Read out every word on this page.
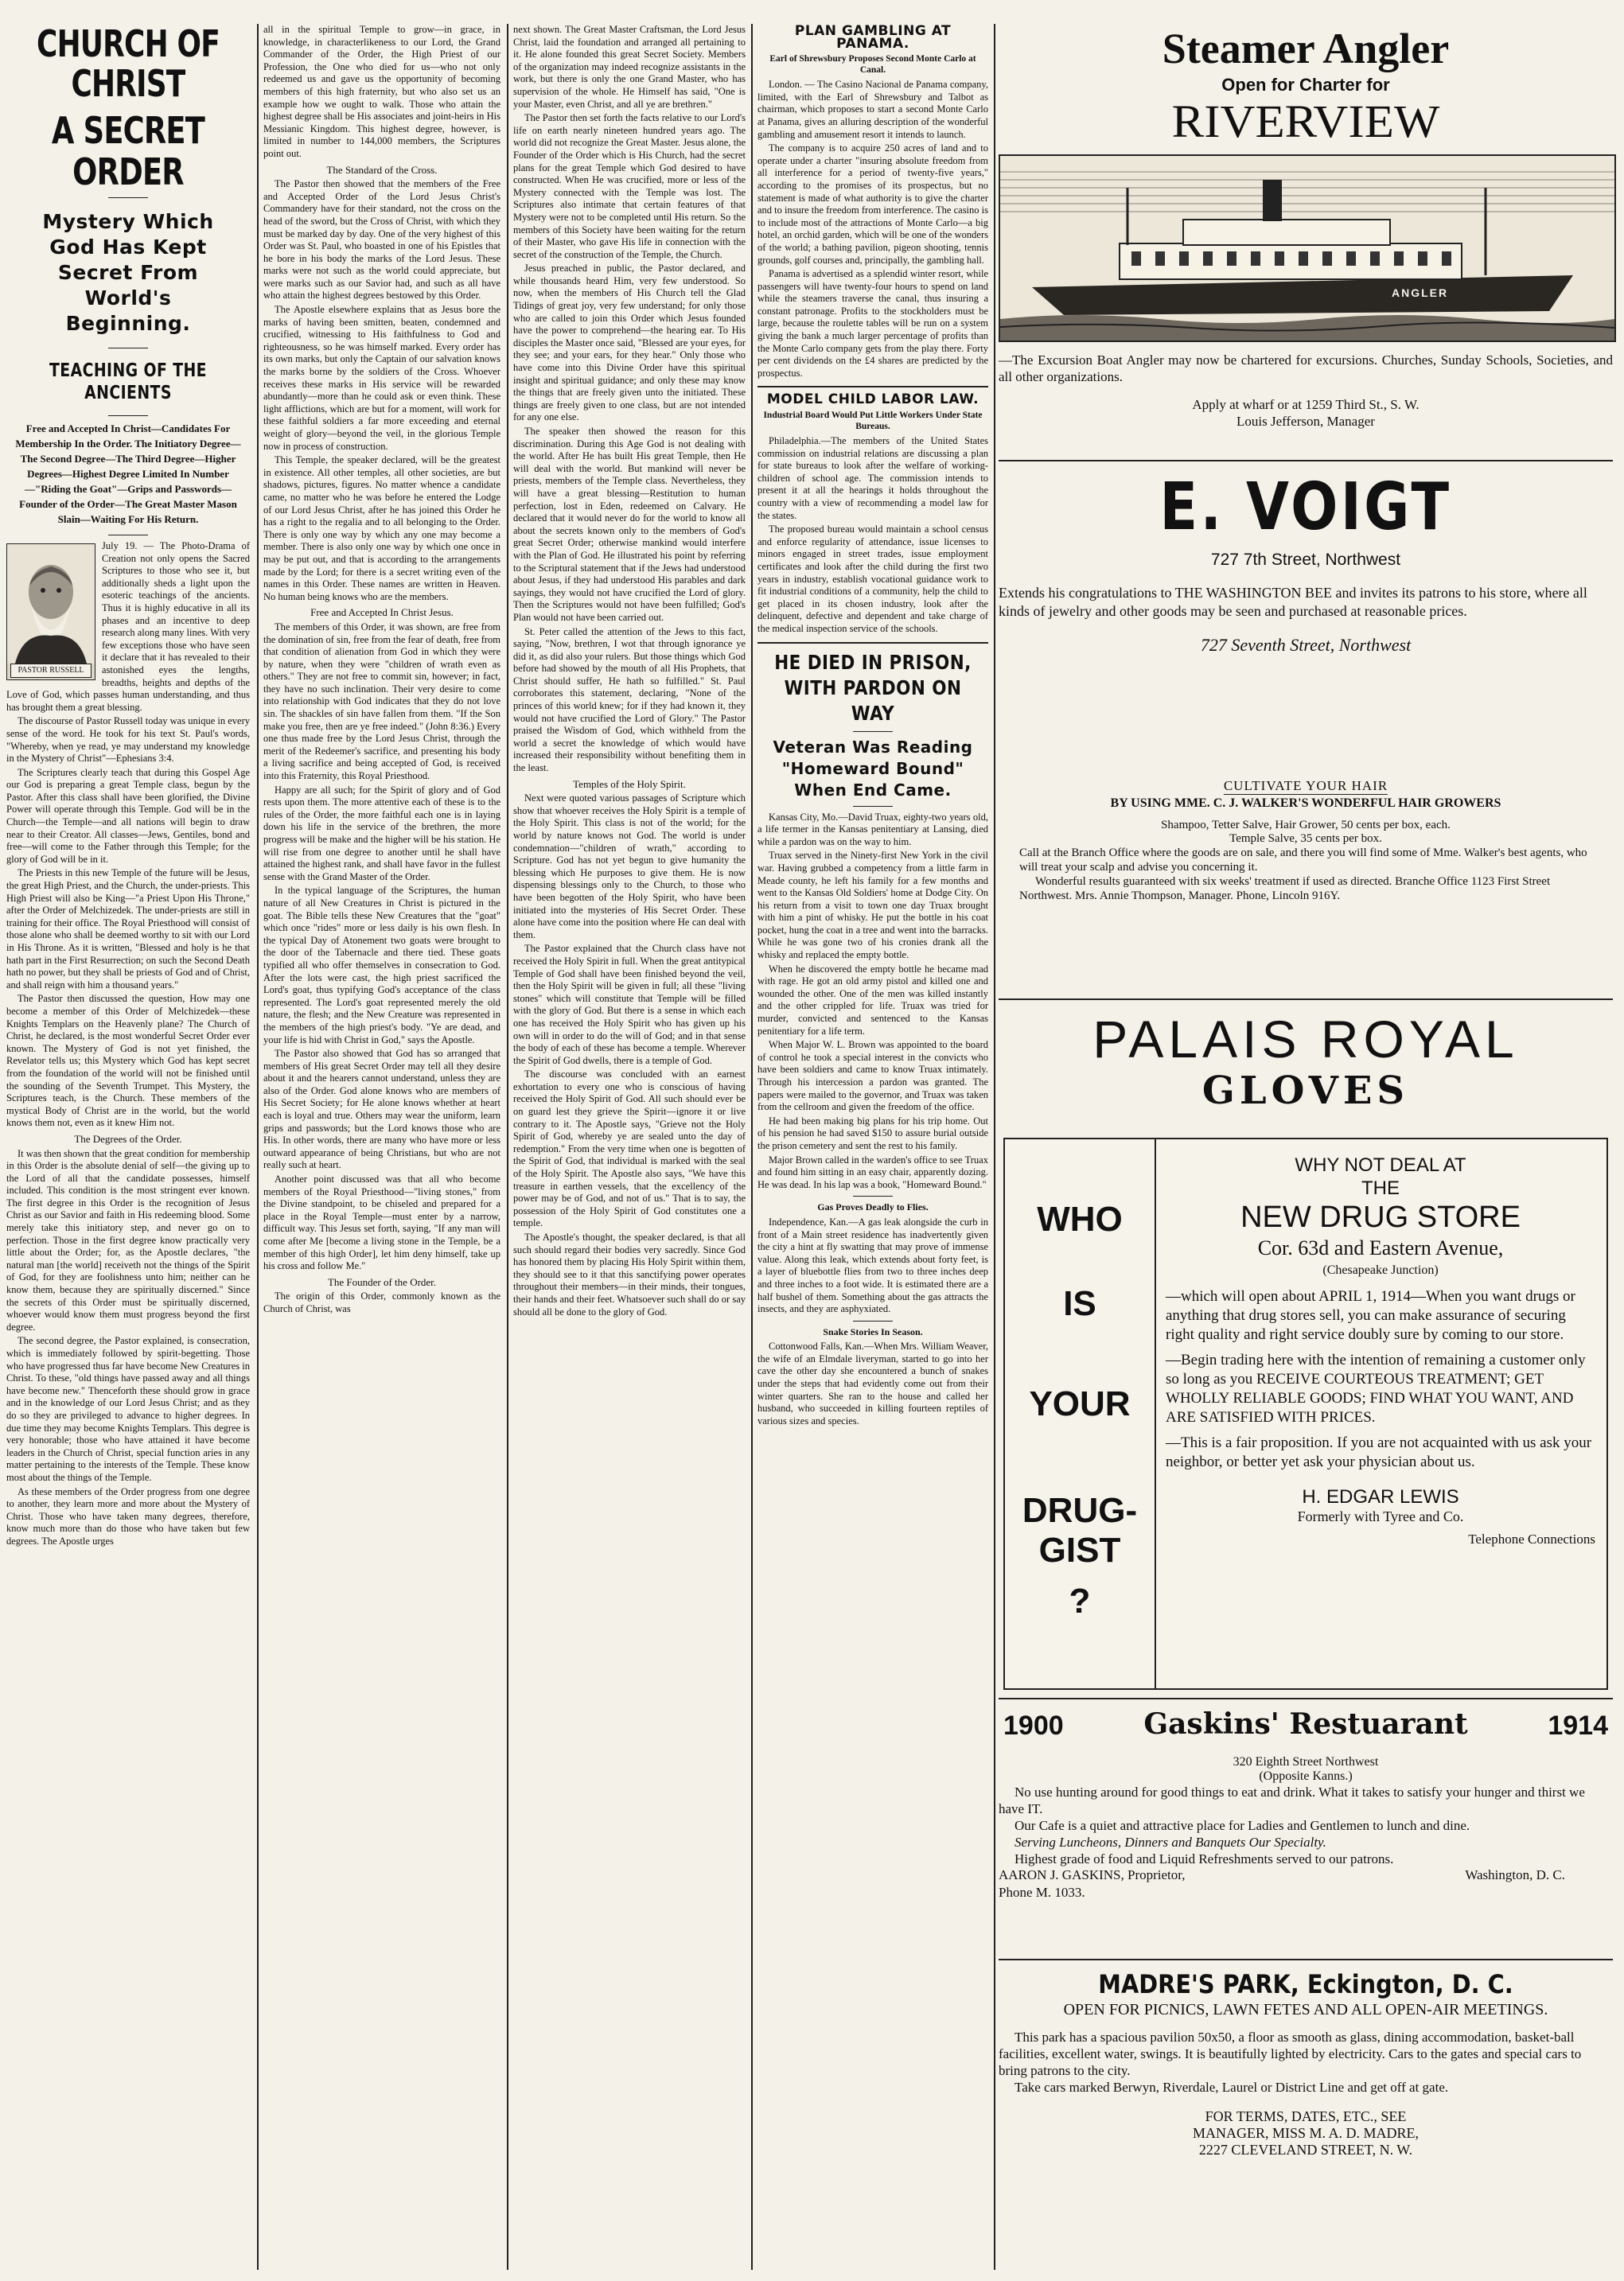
CHURCH OF CHRIST
A SECRET ORDER
Mystery Which God Has Kept Secret From World's Beginning.
TEACHING OF THE ANCIENTS
Free and Accepted In Christ—Candidates For Membership In the Order. The Initiatory Degree—The Second Degree—The Third Degree—Higher Degrees—Highest Degree Limited In Number—"Riding the Goat"—Grips and Passwords—Founder of the Order—The Great Master Mason Slain—Waiting For His Return.
PASTOR RUSSELL

July 19. — The Photo-Drama of Creation not only opens the Sacred Scriptures to those who see it, but additionally sheds a light upon the esoteric teachings of the ancients. Thus it is highly educative in all its phases and an incentive to deep research along many lines. With very few exceptions those who have seen it declare that it has revealed to their astonished eyes the lengths, breadths, heights and depths of the Love of God, which passes human understanding, and thus has brought them a great blessing.

The discourse of Pastor Russell today was unique in every sense of the word. He took for his text St. Paul's words, "Whereby, when ye read, ye may understand my knowledge in the Mystery of Christ"—Ephesians 3:4.

The Scriptures clearly teach that during this Gospel Age our God is preparing a great Temple class, begun by the Pastor. After this class shall have been glorified, the Divine Power will operate through this Temple. God will be in the Church—the Temple—and all nations will begin to draw near to their Creator. All classes—Jews, Gentiles, bond and free—will come to the Father through this Temple; for the glory of God will be in it.

The Priests in this new Temple of the future will be Jesus, the great High Priest, and the Church, the under-priests. This High Priest will also be King—"a Priest Upon His Throne," after the Order of Melchizedek. The under-priests are still in training for their office. The Royal Priesthood will consist of those alone who shall be deemed worthy to sit with our Lord in His Throne. As it is written, "Blessed and holy is he that hath part in the First Resurrection; on such the Second Death hath no power, but they shall be priests of God and of Christ, and shall reign with him a thousand years."

The Pastor then discussed the question, How may one become a member of this Order of Melchizedek—these Knights Templars on the Heavenly plane? The Church of Christ, he declared, is the most wonderful Secret Order ever known. The Mystery of God is not yet finished, the Revelator tells us; this Mystery which God has kept secret from the foundation of the world will not be finished until the sounding of the Seventh Trumpet. This Mystery, the Scriptures teach, is the Church. These members of the mystical Body of Christ are in the world, but the world knows them not, even as it knew Him not.

The Degrees of the Order.

It was then shown that the great condition for membership in this Order is the absolute denial of self—the giving up to the Lord of all that the candidate possesses, himself included. This condition is the most stringent ever known. The first degree in this Order is the recognition of Jesus Christ as our Savior and faith in His redeeming blood. Some merely take this initiatory step, and never go on to perfection. Those in the first degree know practically very little about the Order; for, as the Apostle declares, "the natural man [the world] receiveth not the things of the Spirit of God, for they are foolishness unto him; neither can he know them, because they are spiritually discerned." Since the secrets of this Order must be spiritually discerned, whoever would know them must progress beyond the first degree.

The second degree, the Pastor explained, is consecration, which is immediately followed by spirit-begetting. Those who have progressed thus far have become New Creatures in Christ. To these, "old things have passed away and all things have become new." Thenceforth these should grow in grace and in the knowledge of our Lord Jesus Christ; and as they do so they are privileged to advance to higher degrees. In due time they may become Knights Templars. This degree is very honorable; those who have attained it have become leaders in the Church of Christ, special function aries in any matter pertaining to the interests of the Temple. These know most about the things of the Temple.

As these members of the Order progress from one degree to another, they learn more and more about the Mystery of Christ. Those who have taken many degrees, therefore, know much more than do those who have taken but few degrees. The Apostle urges

all in the spiritual Temple to grow—in grace, in knowledge, in characterlikeness to our Lord, the Grand Commander of the Order, the High Priest of our Profession, the One who died for us—who not only redeemed us and gave us the opportunity of becoming members of this high fraternity, but who also set us an example how we ought to walk. Those who attain the highest degree shall be His associates and joint-heirs in His Messianic Kingdom. This highest degree, however, is limited in number to 144,000 members, the Scriptures point out.

The Standard of the Cross.

The Pastor then showed that the members of the Free and Accepted Order of the Lord Jesus Christ's Commandery have for their standard, not the cross on the head of the sword, but the Cross of Christ, with which they must be marked day by day. One of the very highest of this Order was St. Paul, who boasted in one of his Epistles that he bore in his body the marks of the Lord Jesus. These marks were not such as the world could appreciate, but were marks such as our Savior had, and such as all have who attain the highest degrees bestowed by this Order.

The Apostle elsewhere explains that as Jesus bore the marks of having been smitten, beaten, condemned and crucified, witnessing to His faithfulness to God and righteousness, so he was himself marked. Every order has its own marks, but only the Captain of our salvation knows the marks borne by the soldiers of the Cross. Whoever receives these marks in His service will be rewarded abundantly—more than he could ask or even think. These light afflictions, which are but for a moment, will work for these faithful soldiers a far more exceeding and eternal weight of glory—beyond the veil, in the glorious Temple now in process of construction.

This Temple, the speaker declared, will be the greatest in existence. All other temples, all other societies, are but shadows, pictures, figures. No matter whence a candidate came, no matter who he was before he entered the Lodge of our Lord Jesus Christ, after he has joined this Order he has a right to the regalia and to all belonging to the Order. There is only one way by which any one may become a member. There is also only one way by which one once in may be put out, and that is according to the arrangements made by the Lord; for there is a secret writing even of the names in this Order. These names are written in Heaven. No human being knows who are the members.

Free and Accepted In Christ Jesus.

The members of this Order, it was shown, are free from the domination of sin, free from the fear of death, free from that condition of alienation from God in which they were by nature, when they were "children of wrath even as others." They are not free to commit sin, however; in fact, they have no such inclination. Their very desire to come into relationship with God indicates that they do not love sin. The shackles of sin have fallen from them. "If the Son make you free, then are ye free indeed." (John 8:36.) Every one thus made free by the Lord Jesus Christ, through the merit of the Redeemer's sacrifice, and presenting his body a living sacrifice and being accepted of God, is received into this Fraternity, this Royal Priesthood.

Happy are all such; for the Spirit of glory and of God rests upon them. The more attentive each of these is to the rules of the Order, the more faithful each one is in laying down his life in the service of the brethren, the more progress will be make and the higher will be his station. He will rise from one degree to another until he shall have attained the highest rank, and shall have favor in the fullest sense with the Grand Master of the Order.

In the typical language of the Scriptures, the human nature of all New Creatures in Christ is pictured in the goat. The Bible tells these New Creatures that the "goat" which once "rides" more or less daily is his own flesh. In the typical Day of Atonement two goats were brought to the door of the Tabernacle and there tied. These goats typified all who offer themselves in consecration to God. After the lots were cast, the high priest sacrificed the Lord's goat, thus typifying God's acceptance of the class represented. The Lord's goat represented merely the old nature, the flesh; and the New Creature was represented in the members of the high priest's body. "Ye are dead, and your life is hid with Christ in God," says the Apostle.

The Pastor also showed that God has so arranged that members of His great Secret Order may tell all they desire about it and the hearers cannot understand, unless they are also of the Order. God alone knows who are members of His Secret Society; for He alone knows whether at heart each is loyal and true. Others may wear the uniform, learn grips and passwords; but the Lord knows those who are His. In other words, there are many who have more or less outward appearance of being Christians, but who are not really such at heart.

Another point discussed was that all who become members of the Royal Priesthood—"living stones," from the Divine standpoint, to be chiseled and prepared for a place in the Royal Temple—must enter by a narrow, difficult way. This Jesus set forth, saying, "If any man will come after Me [become a living stone in the Temple, be a member of this high Order], let him deny himself, take up his cross and follow Me."

The Founder of the Order.

The origin of this Order, commonly known as the Church of Christ, was

next shown. The Great Master Craftsman, the Lord Jesus Christ, laid the foundation and arranged all pertaining to it. He alone founded this great Secret Society. Members of the organization may indeed recognize assistants in the work, but there is only the one Grand Master, who has supervision of the whole. He Himself has said, "One is your Master, even Christ, and all ye are brethren."

The Pastor then set forth the facts relative to our Lord's life on earth nearly nineteen hundred years ago. The world did not recognize the Great Master. Jesus alone, the Founder of the Order which is His Church, had the secret plans for the great Temple which God desired to have constructed. When He was crucified, more or less of the Mystery connected with the Temple was lost. The Scriptures also intimate that certain features of that Mystery were not to be completed until His return. So the members of this Society have been waiting for the return of their Master, who gave His life in connection with the secret of the construction of the Temple, the Church.

Jesus preached in public, the Pastor declared, and while thousands heard Him, very few understood. So now, when the members of His Church tell the Glad Tidings of great joy, very few understand; for only those who are called to join this Order which Jesus founded have the power to comprehend—the hearing ear. To His disciples the Master once said, "Blessed are your eyes, for they see; and your ears, for they hear." Only those who have come into this Divine Order have this spiritual insight and spiritual guidance; and only these may know the things that are freely given unto the initiated. These things are freely given to one class, but are not intended for any one else.

The speaker then showed the reason for this discrimination. During this Age God is not dealing with the world. After He has built His great Temple, then He will deal with the world. But mankind will never be priests, members of the Temple class. Nevertheless, they will have a great blessing—Restitution to human perfection, lost in Eden, redeemed on Calvary. He declared that it would never do for the world to know all about the secrets known only to the members of God's great Secret Order; otherwise mankind would interfere with the Plan of God. He illustrated his point by referring to the Scriptural statement that if the Jews had understood about Jesus, if they had understood His parables and dark sayings, they would not have crucified the Lord of glory. Then the Scriptures would not have been fulfilled; God's Plan would not have been carried out.

St. Peter called the attention of the Jews to this fact, saying, "Now, brethren, I wot that through ignorance ye did it, as did also your rulers. But those things which God before had showed by the mouth of all His Prophets, that Christ should suffer, He hath so fulfilled." St. Paul corroborates this statement, declaring, "None of the princes of this world knew; for if they had known it, they would not have crucified the Lord of Glory." The Pastor praised the Wisdom of God, which withheld from the world a secret the knowledge of which would have increased their responsibility without benefiting them in the least.

Temples of the Holy Spirit.

Next were quoted various passages of Scripture which show that whoever receives the Holy Spirit is a temple of the Holy Spirit. This class is not of the world; for the world by nature knows not God. The world is under condemnation—"children of wrath," according to Scripture. God has not yet begun to give humanity the blessing which He purposes to give them. He is now dispensing blessings only to the Church, to those who have been begotten of the Holy Spirit, who have been initiated into the mysteries of His Secret Order. These alone have come into the position where He can deal with them.

The Pastor explained that the Church class have not received the Holy Spirit in full. When the great antitypical Temple of God shall have been finished beyond the veil, then the Holy Spirit will be given in full; all these "living stones" which will constitute that Temple will be filled with the glory of God. But there is a sense in which each one has received the Holy Spirit who has given up his own will in order to do the will of God; and in that sense the body of each of these has become a temple. Wherever the Spirit of God dwells, there is a temple of God.

The discourse was concluded with an earnest exhortation to every one who is conscious of having received the Holy Spirit of God. All such should ever be on guard lest they grieve the Spirit—ignore it or live contrary to it. The Apostle says, "Grieve not the Holy Spirit of God, whereby ye are sealed unto the day of redemption." From the very time when one is begotten of the Spirit of God, that individual is marked with the seal of the Holy Spirit. The Apostle also says, "We have this treasure in earthen vessels, that the excellency of the power may be of God, and not of us." That is to say, the possession of the Holy Spirit of God constitutes one a temple.

The Apostle's thought, the speaker declared, is that all such should regard their bodies very sacredly. Since God has honored them by placing His Holy Spirit within them, they should see to it that this sanctifying power operates throughout their members—in their minds, their tongues, their hands and their feet. Whatsoever such shall do or say should all be done to the glory of God.

PLAN GAMBLING AT PANAMA.
Earl of Shrewsbury Proposes Second Monte Carlo at Canal.

London. — The Casino Nacional de Panama company, limited, with the Earl of Shrewsbury and Talbot as chairman, which proposes to start a second Monte Carlo at Panama, gives an alluring description of the wonderful gambling and amusement resort it intends to launch.

The company is to acquire 250 acres of land and to operate under a charter "insuring absolute freedom from all interference for a period of twenty-five years," according to the promises of its prospectus, but no statement is made of what authority is to give the charter and to insure the freedom from interference. The casino is to include most of the attractions of Monte Carlo—a big hotel, an orchid garden, which will be one of the wonders of the world; a bathing pavilion, pigeon shooting, tennis grounds, golf courses and, principally, the gambling hall.

Panama is advertised as a splendid winter resort, while passengers will have twenty-four hours to spend on land while the steamers traverse the canal, thus insuring a constant patronage. Profits to the stockholders must be large, because the roulette tables will be run on a system giving the bank a much larger percentage of profits than the Monte Carlo company gets from the play there. Forty per cent dividends on the £4 shares are predicted by the prospectus.

MODEL CHILD LABOR LAW.
Industrial Board Would Put Little Workers Under State Bureaus.

Philadelphia.—The members of the United States commission on industrial relations are discussing a plan for state bureaus to look after the welfare of working-children of school age. The commission intends to present it at all the hearings it holds throughout the country with a view of recommending a model law for the states.

The proposed bureau would maintain a school census and enforce regularity of attendance, issue licenses to minors engaged in street trades, issue employment certificates and look after the child during the first two years in industry, establish vocational guidance work to fit industrial conditions of a community, help the child to get placed in its chosen industry, look after the delinquent, defective and dependent and take charge of the medical inspection service of the schools.

HE DIED IN PRISON,
WITH PARDON ON WAY
Veteran Was Reading "Homeward Bound" When End Came.

Kansas City, Mo.—David Truax, eighty-two years old, a life termer in the Kansas penitentiary at Lansing, died while a pardon was on the way to him.

Truax served in the Ninety-first New York in the civil war. Having grubbed a competency from a little farm in Meade county, he left his family for a few months and went to the Kansas Old Soldiers' home at Dodge City. On his return from a visit to town one day Truax brought with him a pint of whisky. He put the bottle in his coat pocket, hung the coat in a tree and went into the barracks. While he was gone two of his cronies drank all the whisky and replaced the empty bottle.

When he discovered the empty bottle he became mad with rage. He got an old army pistol and killed one and wounded the other. One of the men was killed instantly and the other crippled for life. Truax was tried for murder, convicted and sentenced to the Kansas penitentiary for a life term.

When Major W. L. Brown was appointed to the board of control he took a special interest in the convicts who have been soldiers and came to know Truax intimately. Through his intercession a pardon was granted. The papers were mailed to the governor, and Truax was taken from the cellroom and given the freedom of the office.

He had been making big plans for his trip home. Out of his pension he had saved $150 to assure burial outside the prison cemetery and sent the rest to his family.

Major Brown called in the warden's office to see Truax and found him sitting in an easy chair, apparently dozing. He was dead. In his lap was a book, "Homeward Bound."

Gas Proves Deadly to Flies.

Independence, Kan.—A gas leak alongside the curb in front of a Main street residence has inadvertently given the city a hint at fly swatting that may prove of immense value. Along this leak, which extends about forty feet, is a layer of bluebottle flies from two to three inches deep and three inches to a foot wide. It is estimated there are a half bushel of them. Something about the gas attracts the insects, and they are asphyxiated.

Snake Stories In Season.

Cottonwood Falls, Kan.—When Mrs. William Weaver, the wife of an Elmdale liveryman, started to go into her cave the other day she encountered a bunch of snakes under the steps that had evidently come out from their winter quarters. She ran to the house and called her husband, who succeeded in killing fourteen reptiles of various sizes and species.

Steamer Angler
Open for Charter for
RIVERVIEW
ANGLER
—The Excursion Boat Angler may now be chartered for excursions. Churches, Sunday Schools, Societies, and all other organizations.
Apply at wharf or at 1259 Third St., S. W.
Louis Jefferson, Manager
E. VOIGT
727 7th Street, Northwest
Extends his congratulations to THE WASHINGTON BEE and invites its patrons to his store, where all kinds of jewelry and other goods may be seen and purchased at reasonable prices.
727 Seventh Street, Northwest
CULTIVATE YOUR HAIR
BY USING MME. C. J. WALKER'S WONDERFUL HAIR GROWERS
Shampoo, Tetter Salve, Hair Grower, 50 cents per box, each.
Temple Salve, 35 cents per box.
Call at the Branch Office where the goods are on sale, and there you will find some of Mme. Walker's best agents, who will treat your scalp and advise you concerning it.
Wonderful results guaranteed with six weeks' treatment if used as directed. Branche Office 1123 First Street Northwest. Mrs. Annie Thompson, Manager. Phone, Lincoln 916Y.
PALAIS ROYAL
GLOVES
WHO
IS
YOUR
DRUG-
GIST
?
WHY NOT DEAL AT
THE
NEW DRUG STORE
Cor. 63d and Eastern Avenue,
(Chesapeake Junction)
—which will open about APRIL 1, 1914—When you want drugs or anything that drug stores sell, you can make assurance of securing right quality and right service doubly sure by coming to our store.
—Begin trading here with the intention of remaining a customer only so long as you RECEIVE COURTEOUS TREATMENT; GET WHOLLY RELIABLE GOODS; FIND WHAT YOU WANT, AND ARE SATISFIED WITH PRICES.
—This is a fair proposition. If you are not acquainted with us ask your neighbor, or better yet ask your physician about us.
H. EDGAR LEWIS
Formerly with Tyree and Co.
Telephone Connections
1900	Gaskins' Restuarant	1914
320 Eighth Street Northwest
(Opposite Kanns.)
No use hunting around for good things to eat and drink. What it takes to satisfy your hunger and thirst we have IT.
Our Cafe is a quiet and attractive place for Ladies and Gentlemen to lunch and dine.
Serving Luncheons, Dinners and Banquets Our Specialty.
Highest grade of food and Liquid Refreshments served to our patrons.
AARON J. GASKINS, Proprietor,	Washington, D. C.
Phone M. 1033.
MADRE'S PARK, Eckington, D. C.
OPEN FOR PICNICS, LAWN FETES AND ALL OPEN-AIR MEETINGS.
This park has a spacious pavilion 50x50, a floor as smooth as glass, dining accommodation, basket-ball facilities, excellent water, swings. It is beautifully lighted by electricity. Cars to the gates and special cars to bring patrons to the city.
Take cars marked Berwyn, Riverdale, Laurel or District Line and get off at gate.
FOR TERMS, DATES, ETC., SEE
MANAGER, MISS M. A. D. MADRE,
2227 CLEVELAND STREET, N. W.
